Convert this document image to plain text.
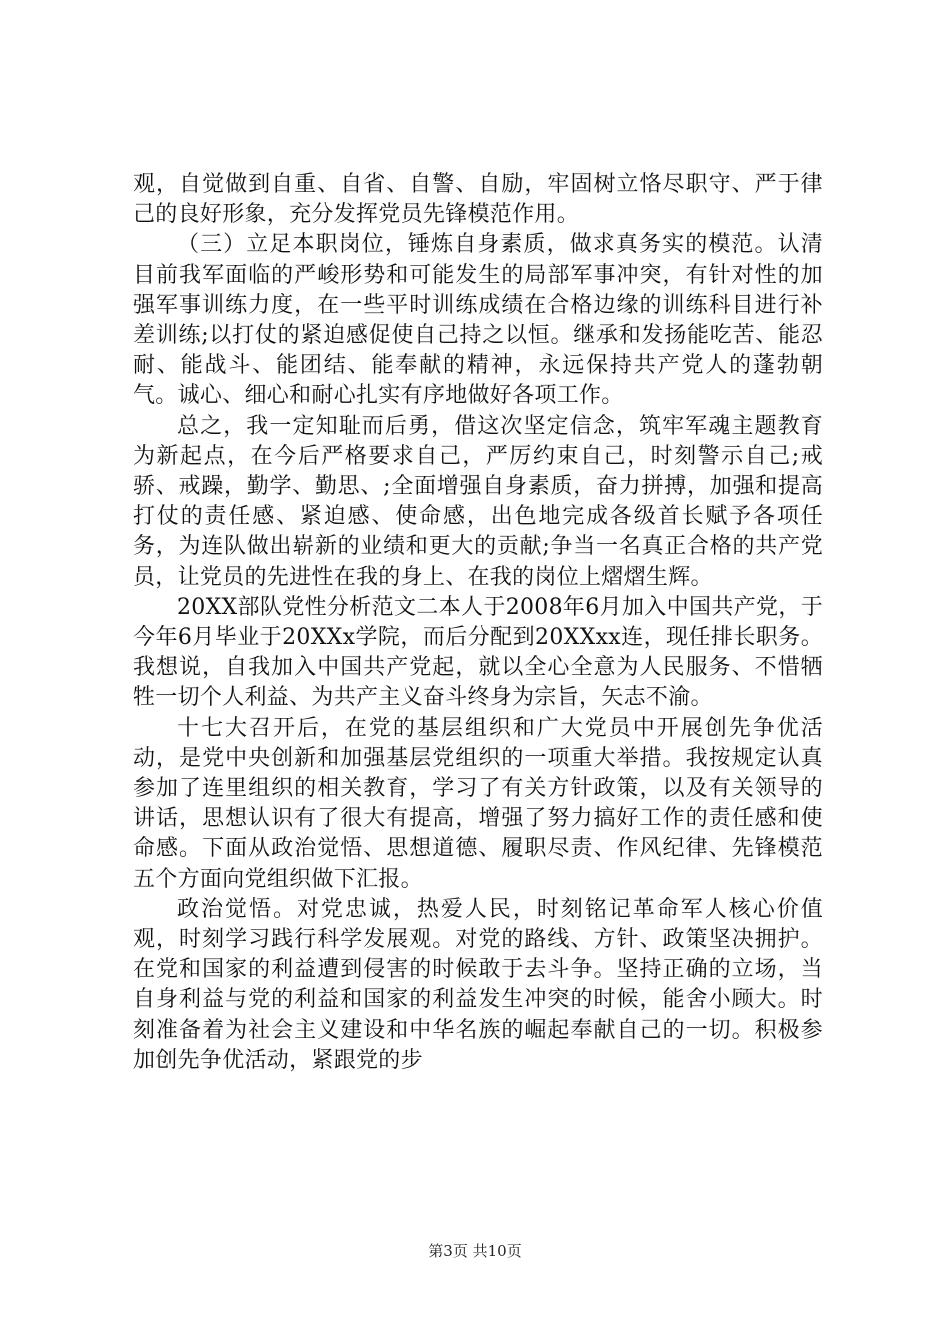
观，自觉做到自重、自省、自警、自励，牢固树立恪尽职守、严于律己的良好形象，充分发挥党员先锋模范作用。

（三）立足本职岗位，锤炼自身素质，做求真务实的模范。认清目前我军面临的严峻形势和可能发生的局部军事冲突，有针对性的加强军事训练力度，在一些平时训练成绩在合格边缘的训练科目进行补差训练;以打仗的紧迫感促使自己持之以恒。继承和发扬能吃苦、能忍耐、能战斗、能团结、能奉献的精神，永远保持共产党人的蓬勃朝气。诚心、细心和耐心扎实有序地做好各项工作。

总之，我一定知耻而后勇，借这次坚定信念，筑牢军魂主题教育为新起点，在今后严格要求自己，严厉约束自己，时刻警示自己;戒骄、戒躁，勤学、勤思、;全面增强自身素质，奋力拼搏，加强和提高打仗的责任感、紧迫感、使命感，出色地完成各级首长赋予各项任务，为连队做出崭新的业绩和更大的贡献;争当一名真正合格的共产党员，让党员的先进性在我的身上、在我的岗位上熠熠生辉。

20XX部队党性分析范文二本人于2008年6月加入中国共产党，于今年6月毕业于20XXx学院，而后分配到20XXxx连，现任排长职务。我想说，自我加入中国共产党起，就以全心全意为人民服务、不惜牺牲一切个人利益、为共产主义奋斗终身为宗旨，矢志不渝。

十七大召开后，在党的基层组织和广大党员中开展创先争优活动，是党中央创新和加强基层党组织的一项重大举措。我按规定认真参加了连里组织的相关教育，学习了有关方针政策，以及有关领导的讲话，思想认识有了很大有提高，增强了努力搞好工作的责任感和使命感。下面从政治觉悟、思想道德、履职尽责、作风纪律、先锋模范五个方面向党组织做下汇报。

政治觉悟。对党忠诚，热爱人民，时刻铭记革命军人核心价值观，时刻学习践行科学发展观。对党的路线、方针、政策坚决拥护。在党和国家的利益遭到侵害的时候敢于去斗争。坚持正确的立场，当自身利益与党的利益和国家的利益发生冲突的时候，能舍小顾大。时刻准备着为社会主义建设和中华名族的崛起奉献自己的一切。积极参加创先争优活动，紧跟党的步

第3页 共10页
